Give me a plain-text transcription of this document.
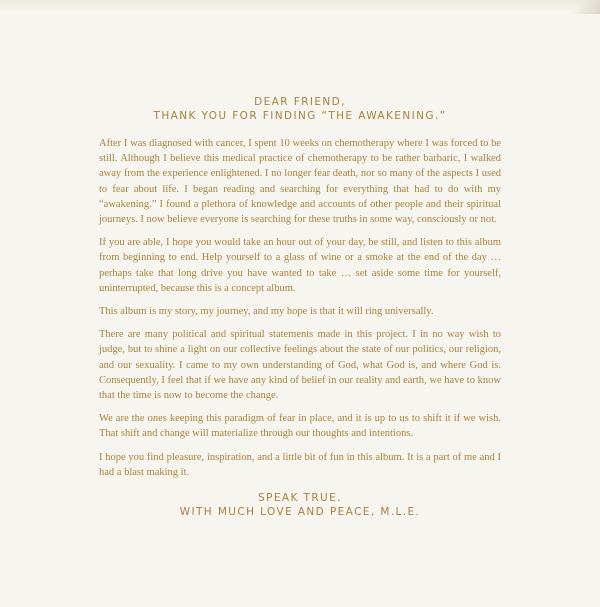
DEAR FRIEND,
THANK YOU FOR FINDING “THE AWAKENING.”

After I was diagnosed with cancer, I spent 10 weeks on chemotherapy where I was forced to be still. Although I believe this medical practice of chemotherapy to be rather barbaric, I walked away from the experience enlightened. I no longer fear death, nor so many of the aspects I used to fear about life. I began reading and searching for everything that had to do with my “awakening.” I found a plethora of knowledge and accounts of other people and their spiritual journeys. I now believe everyone is searching for these truths in some way, consciously or not.

If you are able, I hope you would take an hour out of your day, be still, and listen to this album from beginning to end. Help yourself to a glass of wine or a smoke at the end of the day … perhaps take that long drive you have wanted to take … set aside some time for yourself, uninterrupted, because this is a concept album.

This album is my story, my journey, and my hope is that it will ring universally.

There are many political and spiritual statements made in this project. I in no way wish to judge, but to shine a light on our collective feelings about the state of our politics, our religion, and our sexuality. I came to my own understanding of God, what God is, and where God is. Consequently, I feel that if we have any kind of belief in our reality and earth, we have to know that the time is now to become the change.

We are the ones keeping this paradigm of fear in place, and it is up to us to shift it if we wish. That shift and change will materialize through our thoughts and intentions.

I hope you find pleasure, inspiration, and a little bit of fun in this album. It is a part of me and I had a blast making it.

SPEAK TRUE.
WITH MUCH LOVE AND PEACE, M.L.E.
